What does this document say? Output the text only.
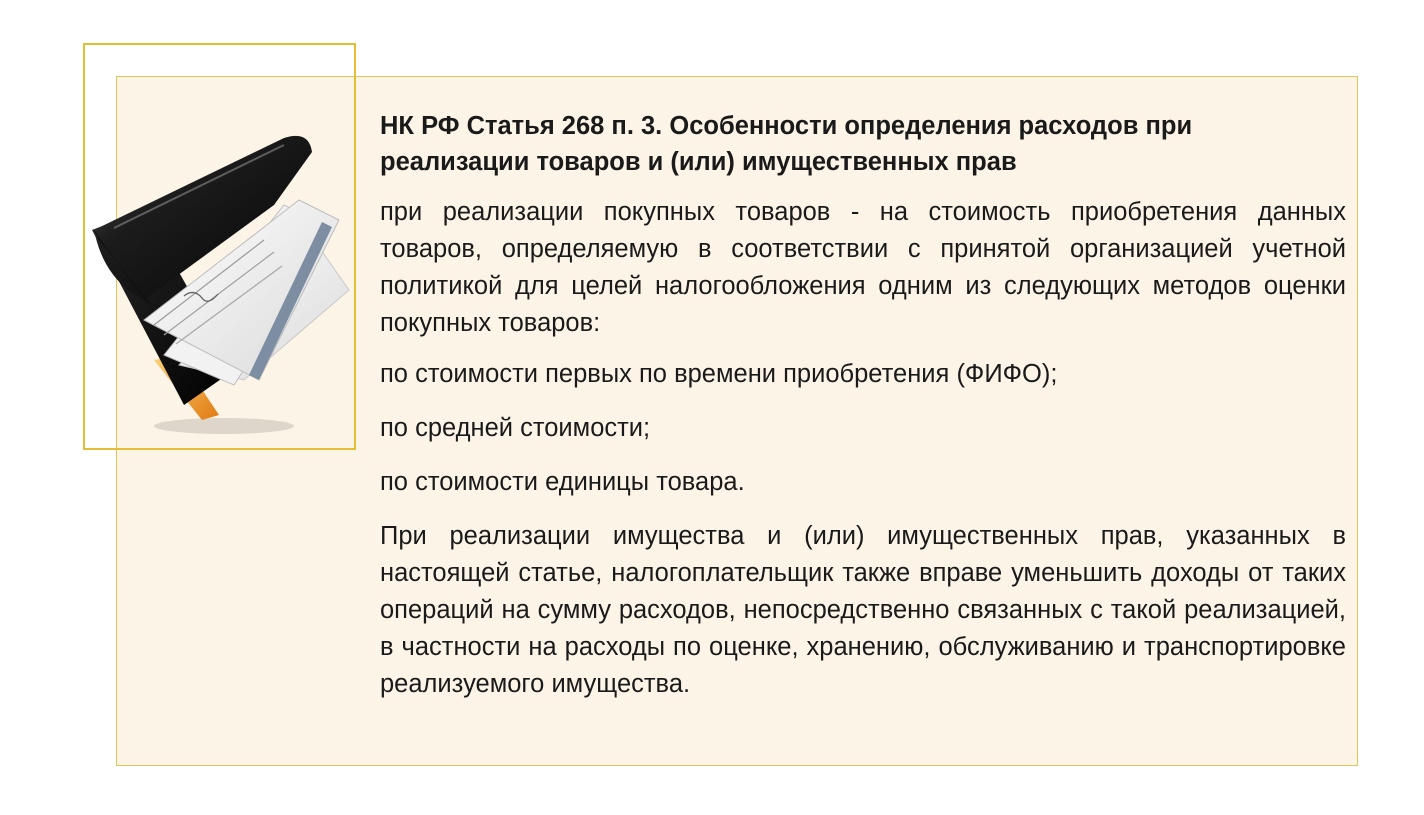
НК РФ Статья 268 п. 3. Особенности определения расходов при реализации товаров и (или) имущественных прав

при реализации покупных товаров - на стоимость приобретения данных товаров, определяемую в соответствии с принятой организацией учетной политикой для целей налогообложения одним из следующих методов оценки покупных товаров:

по стоимости первых по времени приобретения (ФИФО);

по средней стоимости;

по стоимости единицы товара.

При реализации имущества и (или) имущественных прав, указанных в настоящей статье, налогоплательщик также вправе уменьшить доходы от таких операций на сумму расходов, непосредственно связанных с такой реализацией, в частности на расходы по оценке, хранению, обслуживанию и транспортировке реализуемого имущества.
